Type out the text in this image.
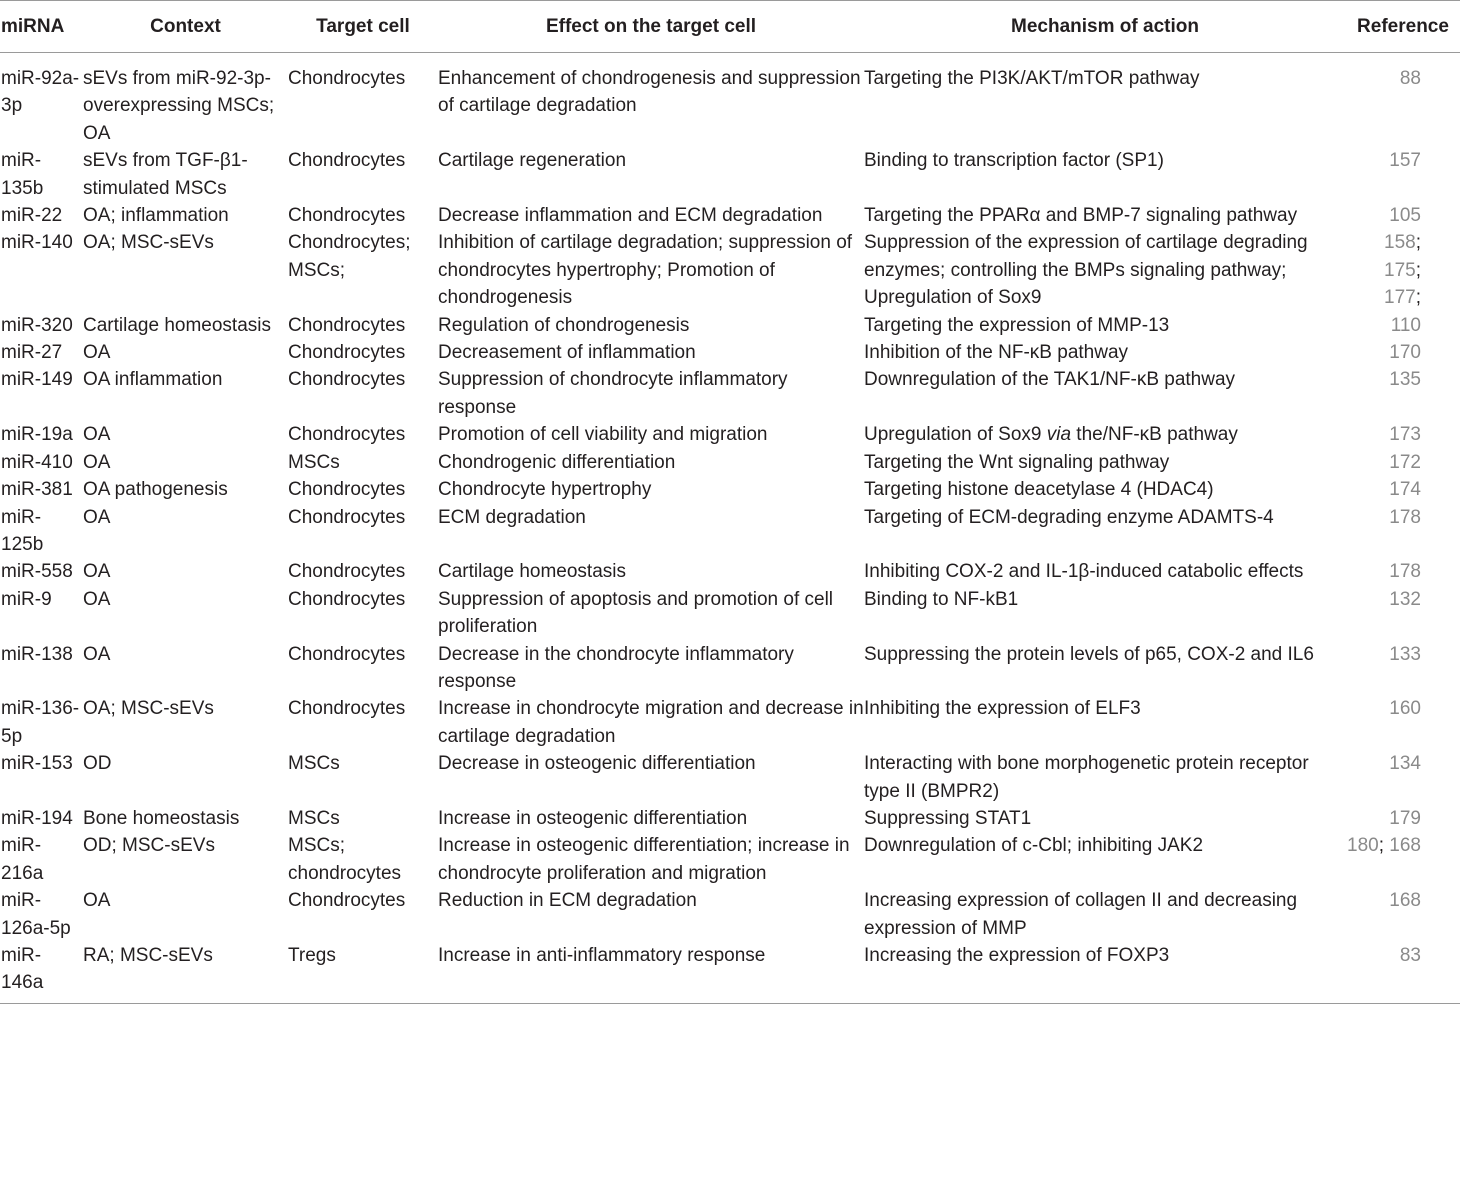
miRNA	Context	Target cell	Effect on the target cell	Mechanism of action	Reference
miR-92a-3p	sEVs from miR-92-3p-overexpressing MSCs; OA	Chondrocytes	Enhancement of chondrogenesis and suppression of cartilage degradation	Targeting the PI3K/AKT/mTOR pathway	88
miR-135b	sEVs from TGF-β1-stimulated MSCs	Chondrocytes	Cartilage regeneration	Binding to transcription factor (SP1)	157
miR-22	OA; inflammation	Chondrocytes	Decrease inflammation and ECM degradation	Targeting the PPARα and BMP-7 signaling pathway	105
miR-140	OA; MSC-sEVs	Chondrocytes; MSCs;	Inhibition of cartilage degradation; suppression of chondrocytes hypertrophy; Promotion of chondrogenesis	Suppression of the expression of cartilage degrading enzymes; controlling the BMPs signaling pathway; Upregulation of Sox9	158; 175; 177;
miR-320	Cartilage homeostasis	Chondrocytes	Regulation of chondrogenesis	Targeting the expression of MMP-13	110
miR-27	OA	Chondrocytes	Decreasement of inflammation	Inhibition of the NF-κB pathway	170
miR-149	OA inflammation	Chondrocytes	Suppression of chondrocyte inflammatory response	Downregulation of the TAK1/NF-κB pathway	135
miR-19a	OA	Chondrocytes	Promotion of cell viability and migration	Upregulation of Sox9 via the/NF-κB pathway	173
miR-410	OA	MSCs	Chondrogenic differentiation	Targeting the Wnt signaling pathway	172
miR-381	OA pathogenesis	Chondrocytes	Chondrocyte hypertrophy	Targeting histone deacetylase 4 (HDAC4)	174
miR-125b	OA	Chondrocytes	ECM degradation	Targeting of ECM-degrading enzyme ADAMTS-4	178
miR-558	OA	Chondrocytes	Cartilage homeostasis	Inhibiting COX-2 and IL-1β-induced catabolic effects	178
miR-9	OA	Chondrocytes	Suppression of apoptosis and promotion of cell proliferation	Binding to NF-kB1	132
miR-138	OA	Chondrocytes	Decrease in the chondrocyte inflammatory response	Suppressing the protein levels of p65, COX-2 and IL6	133
miR-136-5p	OA; MSC-sEVs	Chondrocytes	Increase in chondrocyte migration and decrease in cartilage degradation	Inhibiting the expression of ELF3	160
miR-153	OD	MSCs	Decrease in osteogenic differentiation	Interacting with bone morphogenetic protein receptor type II (BMPR2)	134
miR-194	Bone homeostasis	MSCs	Increase in osteogenic differentiation	Suppressing STAT1	179
miR-216a	OD; MSC-sEVs	MSCs; chondrocytes	Increase in osteogenic differentiation; increase in chondrocyte proliferation and migration	Downregulation of c-Cbl; inhibiting JAK2	180; 168
miR-126a-5p	OA	Chondrocytes	Reduction in ECM degradation	Increasing expression of collagen II and decreasing expression of MMP	168
miR-146a	RA; MSC-sEVs	Tregs	Increase in anti-inflammatory response	Increasing the expression of FOXP3	83
